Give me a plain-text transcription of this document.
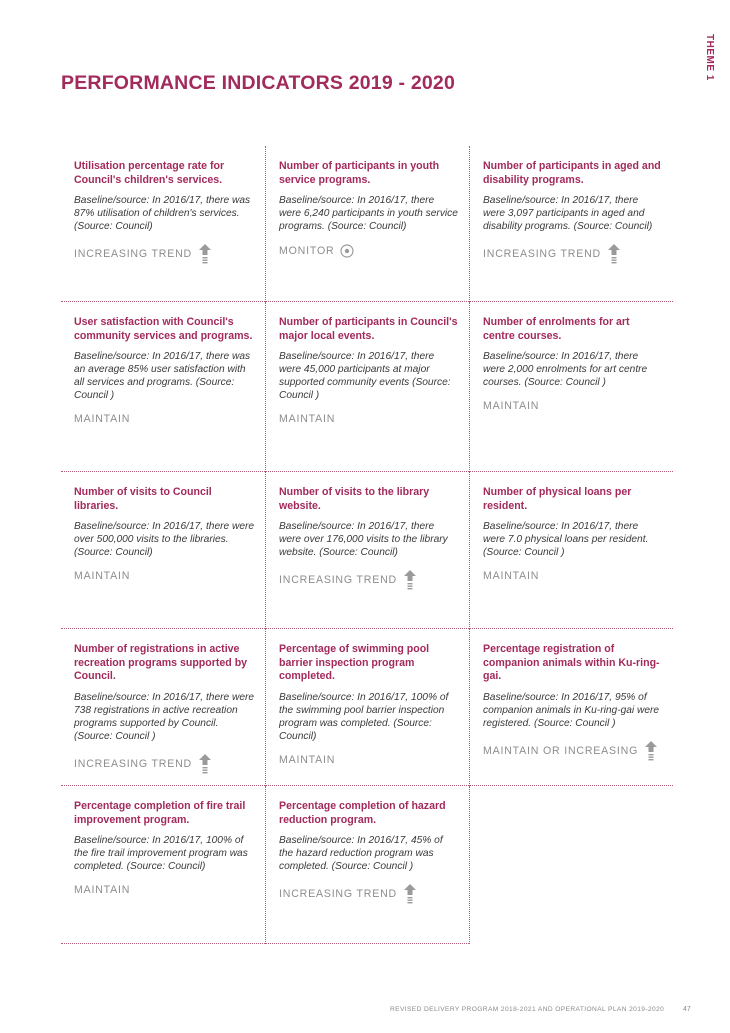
THEME 1
PERFORMANCE INDICATORS 2019 - 2020

Utilisation percentage rate for Council's children's services.

Baseline/source: In 2016/17, there was 87% utilisation of children's services. (Source: Council)

INCREASING TREND

Number of participants in youth service programs.

Baseline/source: In 2016/17, there were 6,240 participants in youth service programs. (Source: Council)

MONITOR

Number of participants in aged and disability programs.

Baseline/source: In 2016/17, there were 3,097 participants in aged and disability programs. (Source: Council)

INCREASING TREND

User satisfaction with Council's community services and programs.

Baseline/source: In 2016/17, there was an average 85% user satisfaction with all services and programs. (Source: Council )

MAINTAIN

Number of participants in Council's major local events.

Baseline/source: In 2016/17, there were 45,000 participants at major supported community events (Source: Council )

MAINTAIN

Number of enrolments for art centre courses.

Baseline/source: In 2016/17, there were 2,000 enrolments for art centre courses. (Source: Council )

MAINTAIN

Number of visits to Council libraries.

Baseline/source: In 2016/17, there were over 500,000 visits to the libraries. (Source: Council)

MAINTAIN

Number of visits to the library website.

Baseline/source: In 2016/17, there were over 176,000 visits to the library website. (Source: Council)

INCREASING TREND

Number of physical loans per resident.

Baseline/source: In 2016/17, there were 7.0 physical loans per resident. (Source: Council )

MAINTAIN

Number of registrations in active recreation programs supported by Council.

Baseline/source: In 2016/17, there were 738 registrations in active recreation programs supported by Council. (Source: Council )

INCREASING TREND

Percentage of swimming pool barrier inspection program completed.

Baseline/source: In 2016/17, 100% of the swimming pool barrier inspection program was completed. (Source: Council)

MAINTAIN

Percentage registration of companion animals within Ku-ring-gai.

Baseline/source: In 2016/17, 95% of companion animals in Ku-ring-gai were registered. (Source: Council )

MAINTAIN OR INCREASING

Percentage completion of fire trail improvement program.

Baseline/source: In 2016/17, 100% of the fire trail improvement program was completed. (Source: Council)

MAINTAIN

Percentage completion of hazard reduction program.

Baseline/source: In 2016/17, 45% of the hazard reduction program was completed. (Source: Council )

INCREASING TREND
REVISED DELIVERY PROGRAM 2018-2021 AND OPERATIONAL PLAN 2019-2020	47
